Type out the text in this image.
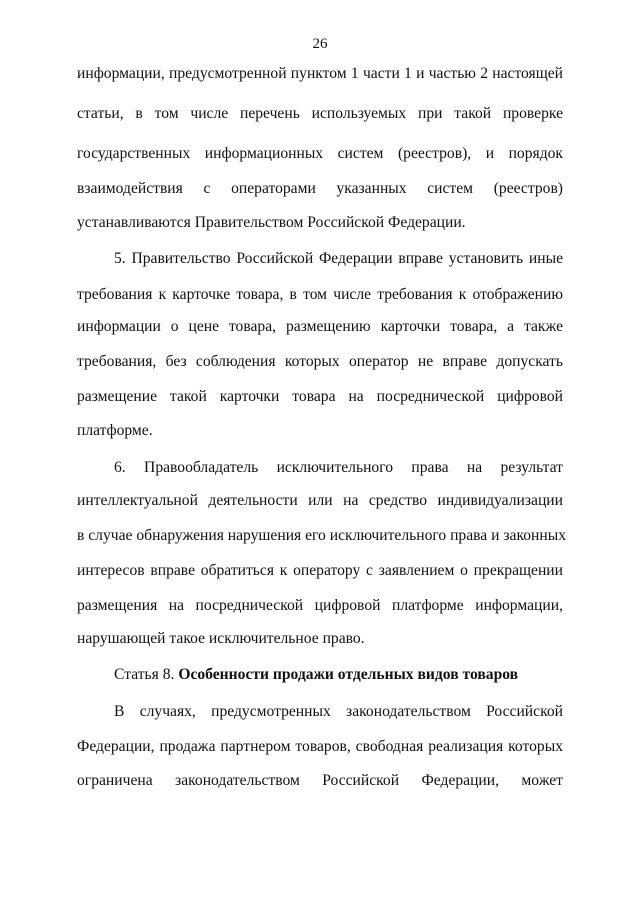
26
информации, предусмотренной пунктом 1 части 1 и частью 2 настоящей
статьи, в том числе перечень используемых при такой проверке
государственных информационных систем (реестров), и порядок
взаимодействия с операторами указанных систем (реестров)
устанавливаются Правительством Российской Федерации.
5. Правительство Российской Федерации вправе установить иные
требования к карточке товара, в том числе требования к отображению
информации о цене товара, размещению карточки товара, а также
требования, без соблюдения которых оператор не вправе допускать
размещение такой карточки товара на посреднической цифровой
платформе.
6. Правообладатель исключительного права на результат
интеллектуальной деятельности или на средство индивидуализации
в случае обнаружения нарушения его исключительного права и законных
интересов вправе обратиться к оператору с заявлением о прекращении
размещения на посреднической цифровой платформе информации,
нарушающей такое исключительное право.
Статья 8. Особенности продажи отдельных видов товаров
В случаях, предусмотренных законодательством Российской
Федерации, продажа партнером товаров, свободная реализация которых
ограничена законодательством Российской Федерации, может
